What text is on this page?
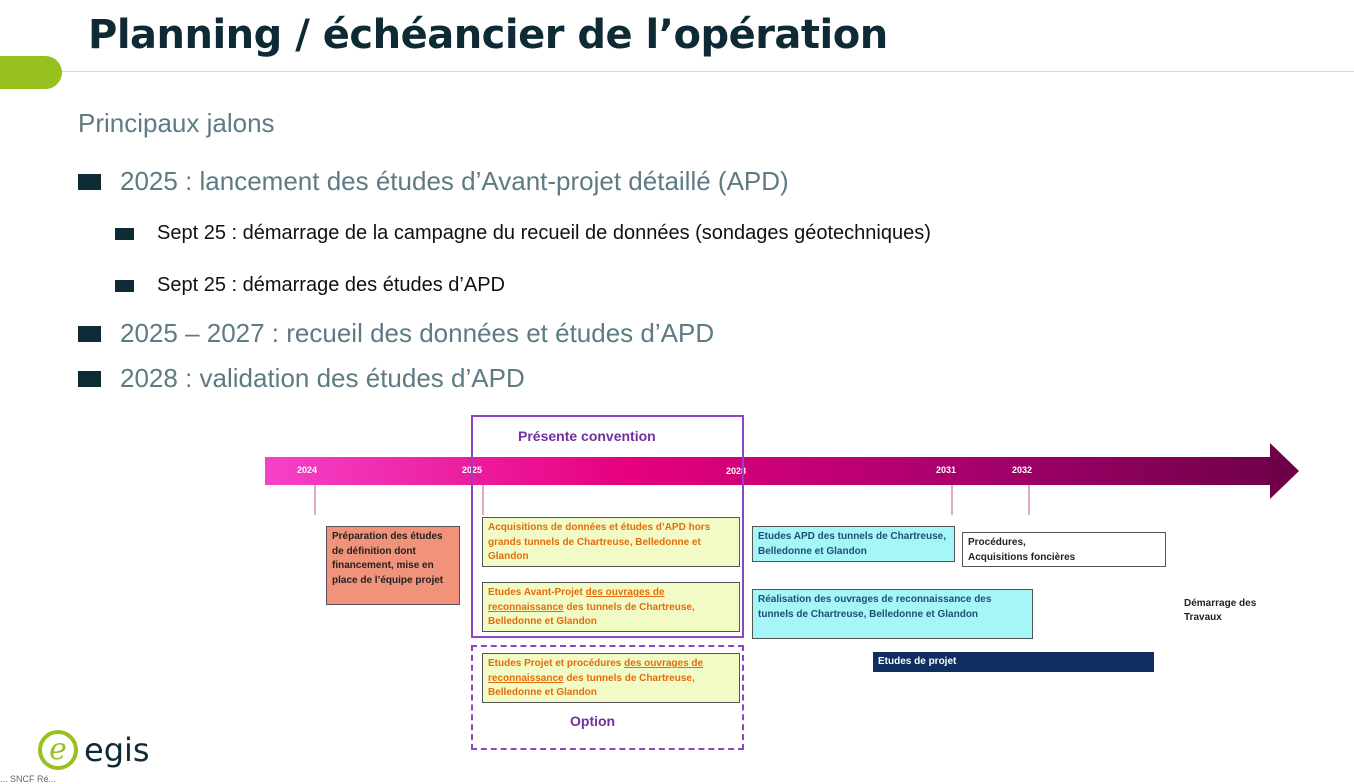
Planning / échéancier de l’opération
Principaux jalons
2025 : lancement des études d’Avant-projet détaillé (APD)
Sept 25 : démarrage de la campagne du recueil de données (sondages géotechniques)
Sept 25 : démarrage des études d’APD
2025 – 2027 : recueil des données et études d’APD
2028 : validation des études d’APD
2024	2025	2028	2031	2032
Présente convention
Option
Préparation des études de définition dont financement, mise en place de l’équipe projet
Acquisitions de données et études d’APD hors grands tunnels de Chartreuse, Belledonne et Glandon
Etudes Avant-Projet des ouvrages de reconnaissance des tunnels de Chartreuse, Belledonne et Glandon
Etudes Projet et procédures des ouvrages de reconnaissance des tunnels de Chartreuse, Belledonne et Glandon
Etudes APD des tunnels de Chartreuse, Belledonne et Glandon
Procédures,
Acquisitions foncières
Réalisation des ouvrages de reconnaissance des tunnels de Chartreuse, Belledonne et Glandon
Etudes de projet
Démarrage des
Travaux
e egis
... SNCF Ré...
